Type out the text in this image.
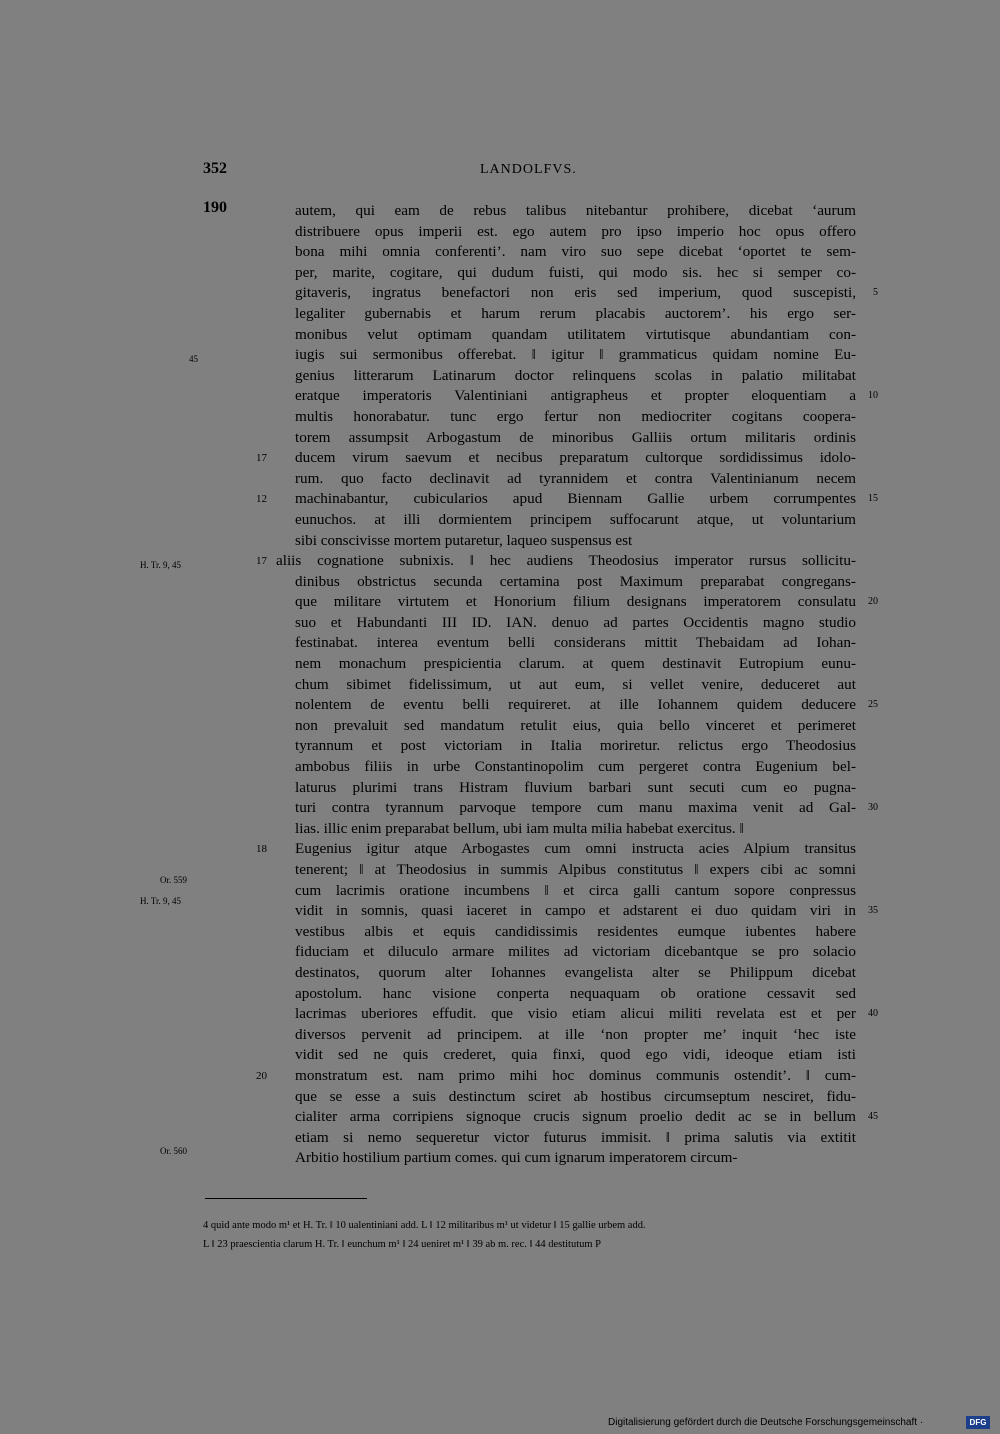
352	LANDOLFVS.
190
45
H. Tr. 9, 45
Or. 559
H. Tr. 9, 45
Or. 560
autem, qui eam de rebus talibus nitebantur prohibere, dicebat ‘aurum
distribuere opus imperii est. ego autem pro ipso imperio hoc opus offero
bona mihi omnia conferenti’. nam viro suo sepe dicebat ‘oportet te sem-
per, marite, cogitare, qui dudum fuisti, qui modo sis. hec si semper co-
gitaveris, ingratus benefactori non eris sed imperium, quod suscepisti, 5
legaliter gubernabis et harum rerum placabis auctorem’. his ergo ser-
monibus velut optimam quandam utilitatem virtutisque abundantiam con-
iugis sui sermonibus offerebat. ‖ igitur ‖ grammaticus quidam nomine Eu-
genius litterarum Latinarum doctor relinquens scolas in palatio militabat
eratque imperatoris Valentiniani antigrapheus et propter eloquentiam a 10
multis honorabatur. tunc ergo fertur non mediocriter cogitans coopera-
torem assumpsit Arbogastum de minoribus Galliis ortum militaris ordinis
17 ducem virum saevum et necibus preparatum cultorque sordidissimus idolo-
rum. quo facto declinavit ad tyrannidem et contra Valentinianum necem
12 machinabantur, cubicularios apud Biennam Gallie urbem corrumpentes 15
eunuchos. at illi dormientem principem suffocarunt atque, ut voluntarium
sibi conscivisse mortem putaretur, laqueo suspensus est
17 aliis cognatione subnixis. ‖ hec audiens Theodosius imperator rursus sollicitu-
dinibus obstrictus secunda certamina post Maximum preparabat congregans-
que militare virtutem et Honorium filium designans imperatorem consulatu 20
suo et Habundanti III ID. IAN. denuo ad partes Occidentis magno studio
festinabat. interea eventum belli considerans mittit Thebaidam ad Iohan-
nem monachum prespicientia clarum. at quem destinavit Eutropium eunu-
chum sibimet fidelissimum, ut aut eum, si vellet venire, deduceret aut
nolentem de eventu belli requireret. at ille Iohannem quidem deducere 25
non prevaluit sed mandatum retulit eius, quia bello vinceret et perimeret
tyrannum et post victoriam in Italia moriretur. relictus ergo Theodosius
ambobus filiis in urbe Constantinopolim cum pergeret contra Eugenium bel-
laturus plurimi trans Histram fluvium barbari sunt secuti cum eo pugna-
turi contra tyrannum parvoque tempore cum manu maxima venit ad Gal- 30
lias. illic enim preparabat bellum, ubi iam multa milia habebat exercitus. ‖
18 Eugenius igitur atque Arbogastes cum omni instructa acies Alpium transitus
tenerent; ‖ at Theodosius in summis Alpibus constitutus ‖ expers cibi ac somni
cum lacrimis oratione incumbens ‖ et circa galli cantum sopore conpressus
vidit in somnis, quasi iaceret in campo et adstarent ei duo quidam viri in 35
vestibus albis et equis candidissimis residentes eumque iubentes habere
fiduciam et diluculo armare milites ad victoriam dicebantque se pro solacio
destinatos, quorum alter Iohannes evangelista alter se Philippum dicebat
apostolum. hanc visione conperta nequaquam ob oratione cessavit sed
lacrimas uberiores effudit. que visio etiam alicui militi revelata est et per 40
diversos pervenit ad principem. at ille ‘non propter me’ inquit ‘hec iste
vidit sed ne quis crederet, quia finxi, quod ego vidi, ideoque etiam isti
20 monstratum est. nam primo mihi hoc dominus communis ostendit’. ‖ cum-
que se esse a suis destinctum sciret ab hostibus circumseptum nesciret, fidu-
cialiter arma corripiens signoque crucis signum proelio dedit ac se in bellum 45
etiam si nemo sequeretur victor futurus immisit. ‖ prima salutis via extitit
Arbitio hostilium partium comes. qui cum ignarum imperatorem circum-
4 quid ante modo m¹ et H. Tr. ‖ 10 ualentiniani add. L ‖ 12 militaribus m¹ ut videtur ‖ 15 gallie urbem add.
L ‖ 23 praescientia clarum H. Tr. ‖ eunchum m¹ ‖ 24 ueniret m¹ ‖ 39 ab m. rec. ‖ 44 destitutum P
Digitalisierung gefördert durch die Deutsche Forschungsgemeinschaft ·	DFG
